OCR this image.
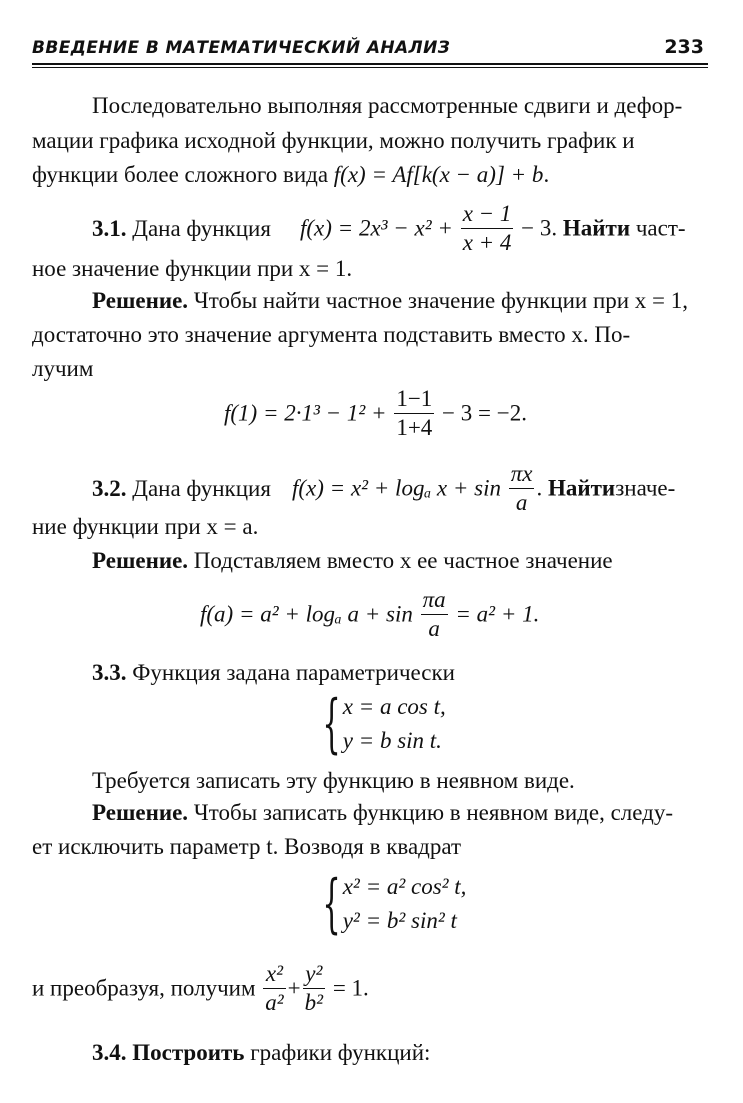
ВВЕДЕНИЕ В МАТЕМАТИЧЕСКИЙ АНАЛИЗ	233
Последовательно выполняя рассмотренные сдвиги и дефор-
мации графика исходной функции, можно получить график и
функции более сложного вида f(x) = Af[k(x − a)] + b.
3.1. Дана функция $f(x) = 2x^3 - x^2 + \frac{x - 1}{x + 4} - 3$. Найти част-
ное значение функции при x = 1.
Решение. Чтобы найти частное значение функции при x = 1,
достаточно это значение аргумента подставить вместо x. По-
лучим
$f(1) = 2\cdot 1^3 - 1^2 + \frac{1-1}{1+4} - 3 = -2$.
3.2. Дана функция f(x) = x² + logₐ $x + \sin \frac{\pi x}{a}$ . Найтизначе-
ние функции при x = a.
Решение. Подставляем вместо x ее частное значение
f(a) = a² + logₐ $a + \sin \frac{\pi a}{a} = a^2 + 1$.
3.3. Функция задана параметрически
{ x = a cos t,
y = b sin t.
Требуется записать эту функцию в неявном виде.
Решение. Чтобы записать функцию в неявном виде, следу-
ет исключить параметр t. Возводя в квадрат
{ x² = a² cos² t,
y² = b² sin² t
и преобразуя, получим $\frac{\text{x²}}{\text{a²}} + \frac{\text{y²}}{\text{b²}} = 1$.
3.4. Построить графики функций:
